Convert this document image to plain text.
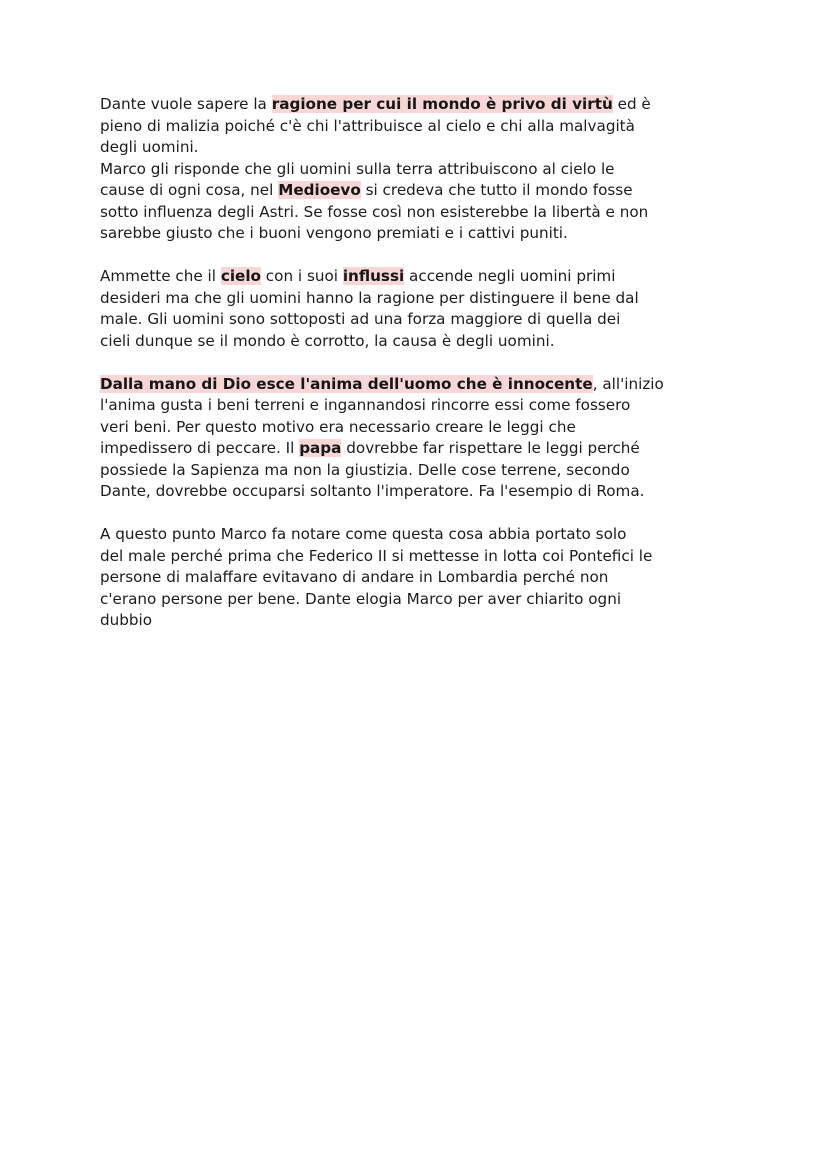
Dante vuole sapere la ragione per cui il mondo è privo di virtù ed è
pieno di malizia poiché c'è chi l'attribuisce al cielo e chi alla malvagità
degli uomini.
Marco gli risponde che gli uomini sulla terra attribuiscono al cielo le
cause di ogni cosa, nel Medioevo si credeva che tutto il mondo fosse
sotto influenza degli Astri. Se fosse così non esisterebbe la libertà e non
sarebbe giusto che i buoni vengono premiati e i cattivi puniti.
Ammette che il cielo con i suoi influssi accende negli uomini primi
desideri ma che gli uomini hanno la ragione per distinguere il bene dal
male. Gli uomini sono sottoposti ad una forza maggiore di quella dei
cieli dunque se il mondo è corrotto, la causa è degli uomini.
Dalla mano di Dio esce l'anima dell'uomo che è innocente, all'inizio
l'anima gusta i beni terreni e ingannandosi rincorre essi come fossero
veri beni. Per questo motivo era necessario creare le leggi che
impedissero di peccare. Il papa dovrebbe far rispettare le leggi perché
possiede la Sapienza ma non la giustizia. Delle cose terrene, secondo
Dante, dovrebbe occuparsi soltanto l'imperatore. Fa l'esempio di Roma.
A questo punto Marco fa notare come questa cosa abbia portato solo
del male perché prima che Federico II si mettesse in lotta coi Pontefici le
persone di malaffare evitavano di andare in Lombardia perché non
c'erano persone per bene. Dante elogia Marco per aver chiarito ogni
dubbio
